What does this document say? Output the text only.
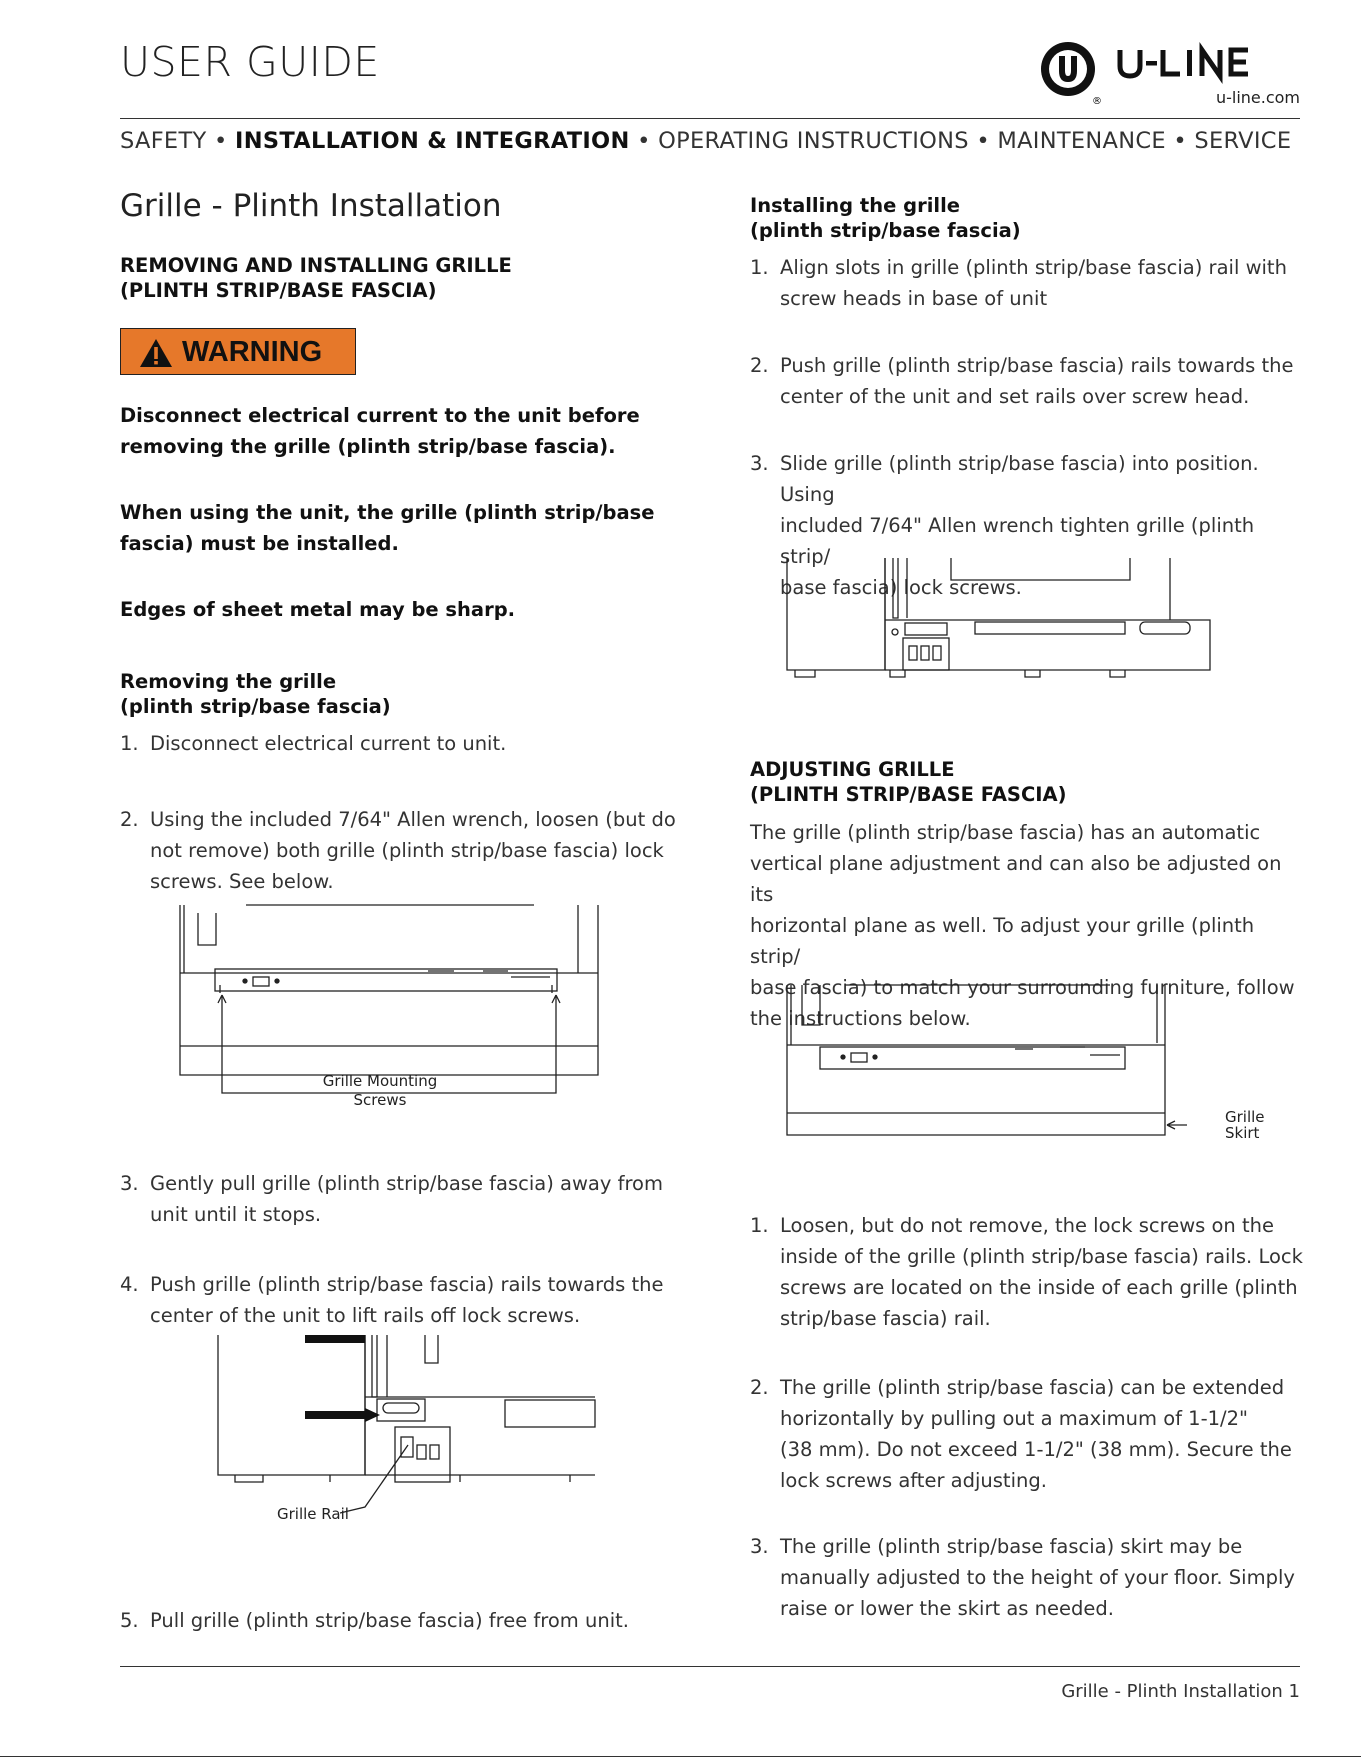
USER GUIDE
®	u-line.com
SAFETY • INSTALLATION & INTEGRATION • OPERATING INSTRUCTIONS • MAINTENANCE • SERVICE
Grille - Plinth Installation
REMOVING AND INSTALLING GRILLE
(PLINTH STRIP/BASE FASCIA)
WARNING
Disconnect electrical current to the unit before
removing the grille (plinth strip/base fascia).
When using the unit, the grille (plinth strip/base
fascia) must be installed.
Edges of sheet metal may be sharp.
Removing the grille
(plinth strip/base fascia)
1. Disconnect electrical current to unit.
2. Using the included 7/64" Allen wrench, loosen (but do
not remove) both grille (plinth strip/base fascia) lock
screws. See below.
Grille Mounting
Screws
3. Gently pull grille (plinth strip/base fascia) away from
unit until it stops.
4. Push grille (plinth strip/base fascia) rails towards the
center of the unit to lift rails off lock screws.
Grille Rail
5. Pull grille (plinth strip/base fascia) free from unit.
Installing the grille
(plinth strip/base fascia)
1. Align slots in grille (plinth strip/base fascia) rail with
screw heads in base of unit
2. Push grille (plinth strip/base fascia) rails towards the
center of the unit and set rails over screw head.
3. Slide grille (plinth strip/base fascia) into position. Using
included 7/64" Allen wrench tighten grille (plinth strip/
base fascia) lock screws.
ADJUSTING GRILLE
(PLINTH STRIP/BASE FASCIA)
The grille (plinth strip/base fascia) has an automatic
vertical plane adjustment and can also be adjusted on its
horizontal plane as well. To adjust your grille (plinth strip/
base fascia) to match your surrounding furniture, follow
the instructions below.
Grille
Skirt
1. Loosen, but do not remove, the lock screws on the
inside of the grille (plinth strip/base fascia) rails. Lock
screws are located on the inside of each grille (plinth
strip/base fascia) rail.
2. The grille (plinth strip/base fascia) can be extended
horizontally by pulling out a maximum of 1-1/2"
(38 mm). Do not exceed 1-1/2" (38 mm). Secure the
lock screws after adjusting.
3. The grille (plinth strip/base fascia) skirt may be
manually adjusted to the height of your floor. Simply
raise or lower the skirt as needed.
Grille - Plinth Installation 1
